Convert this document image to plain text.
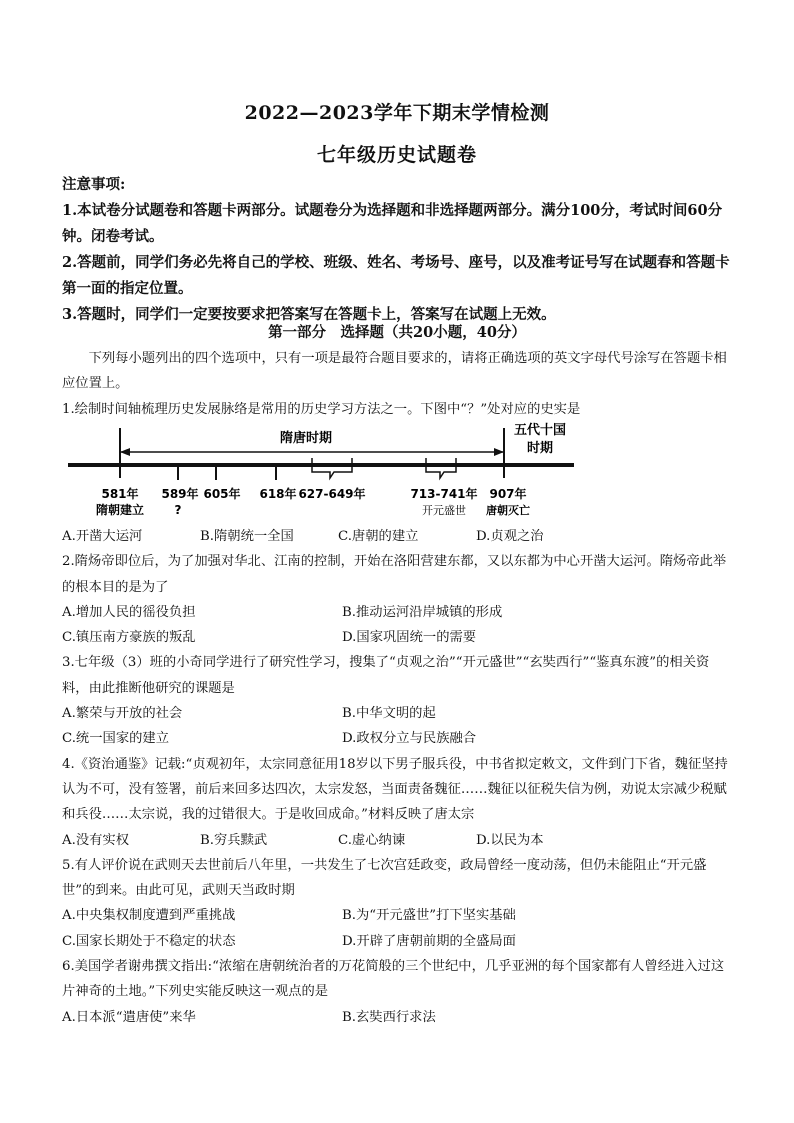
2022—2023学年下期末学情检测
七年级历史试题卷

注意事项:

1.本试卷分试题卷和答题卡两部分。试题卷分为选择题和非选择题两部分。满分100分，考试时间60分钟。闭卷考试。

2.答题前，同学们务必先将自己的学校、班级、姓名、考场号、座号，以及准考证号写在试题春和答题卡第一面的指定位置。

3.答题时，同学们一定要按要求把答案写在答题卡上，答案写在试题上无效。

第一部分　选择题（共20小题，40分）

下列每小题列出的四个选项中，只有一项是最符合题目要求的，请将正确选项的英文字母代号涂写在答题卡相应位置上。

1.绘制时间轴梳理历史发展脉络是常用的历史学习方法之一。下图中“？”处对应的史实是

隋唐时期
五代十国
时期
581年
隋朝建立
589年
?
605年 618年 627-649年	713-741年
开元盛世
907年
唐朝灭亡
A.开凿大运河	B.隋朝统一全国	C.唐朝的建立	D.贞观之治

2.隋炀帝即位后，为了加强对华北、江南的控制，开始在洛阳营建东都，又以东都为中心开凿大运河。隋炀帝此举的根本目的是为了

A.增加人民的徭役负担	B.推动运河沿岸城镇的形成
C.镇压南方豪族的叛乱	D.国家巩固统一的需要

3.七年级（3）班的小奇同学进行了研究性学习，搜集了“贞观之治”“开元盛世”“玄奘西行”“鉴真东渡”的相关资料，由此推断他研究的课题是

A.繁荣与开放的社会	B.中华文明的起
C.统一国家的建立	D.政权分立与民族融合

4.《资治通鉴》记载:“贞观初年，太宗同意征用18岁以下男子服兵役，中书省拟定敕文，文件到门下省，魏征坚持认为不可，没有签署，前后来回多达四次，太宗发怒，当面责备魏征……魏征以征税失信为例，劝说太宗减少税赋和兵役……太宗说，我的过错很大。于是收回成命。”材料反映了唐太宗

A.没有实权	B.穷兵黩武	C.虚心纳谏	D.以民为本

5.有人评价说在武则天去世前后八年里，一共发生了七次宫廷政变，政局曾经一度动荡，但仍未能阻止“开元盛世”的到来。由此可见，武则天当政时期

A.中央集权制度遭到严重挑战	B.为“开元盛世”打下坚实基础
C.国家长期处于不稳定的状态	D.开辟了唐朝前期的全盛局面

6.美国学者谢弗撰文指出:“浓缩在唐朝统治者的万花简般的三个世纪中，几乎亚洲的每个国家都有人曾经进入过这片神奇的土地。”下列史实能反映这一观点的是

A.日本派“遣唐使”来华	B.玄奘西行求法
